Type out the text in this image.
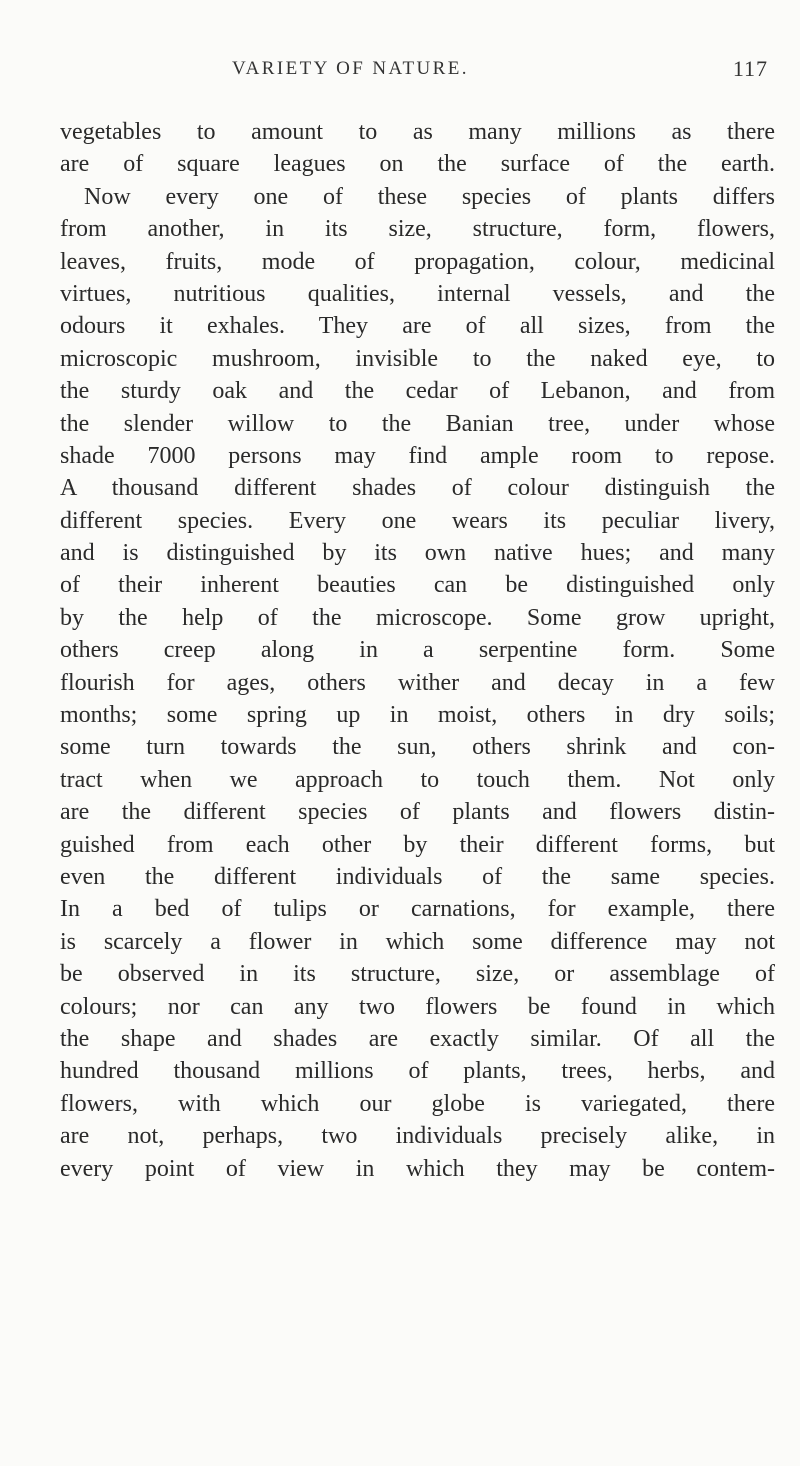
VARIETY OF NATURE.	117
vegetables to amount to as many millions as there
are of square leagues on the surface of the earth.
Now every one of these species of plants differs
from another, in its size, structure, form, flowers,
leaves, fruits, mode of propagation, colour, medicinal
virtues, nutritious qualities, internal vessels, and the
odours it exhales. They are of all sizes, from the
microscopic mushroom, invisible to the naked eye, to
the sturdy oak and the cedar of Lebanon, and from
the slender willow to the Banian tree, under whose
shade 7000 persons may find ample room to repose.
A thousand different shades of colour distinguish the
different species. Every one wears its peculiar livery,
and is distinguished by its own native hues; and many
of their inherent beauties can be distinguished only
by the help of the microscope. Some grow upright,
others creep along in a serpentine form. Some
flourish for ages, others wither and decay in a few
months; some spring up in moist, others in dry soils;
some turn towards the sun, others shrink and con-
tract when we approach to touch them. Not only
are the different species of plants and flowers distin-
guished from each other by their different forms, but
even the different individuals of the same species.
In a bed of tulips or carnations, for example, there
is scarcely a flower in which some difference may not
be observed in its structure, size, or assemblage of
colours; nor can any two flowers be found in which
the shape and shades are exactly similar. Of all the
hundred thousand millions of plants, trees, herbs, and
flowers, with which our globe is variegated, there
are not, perhaps, two individuals precisely alike, in
every point of view in which they may be contem-
